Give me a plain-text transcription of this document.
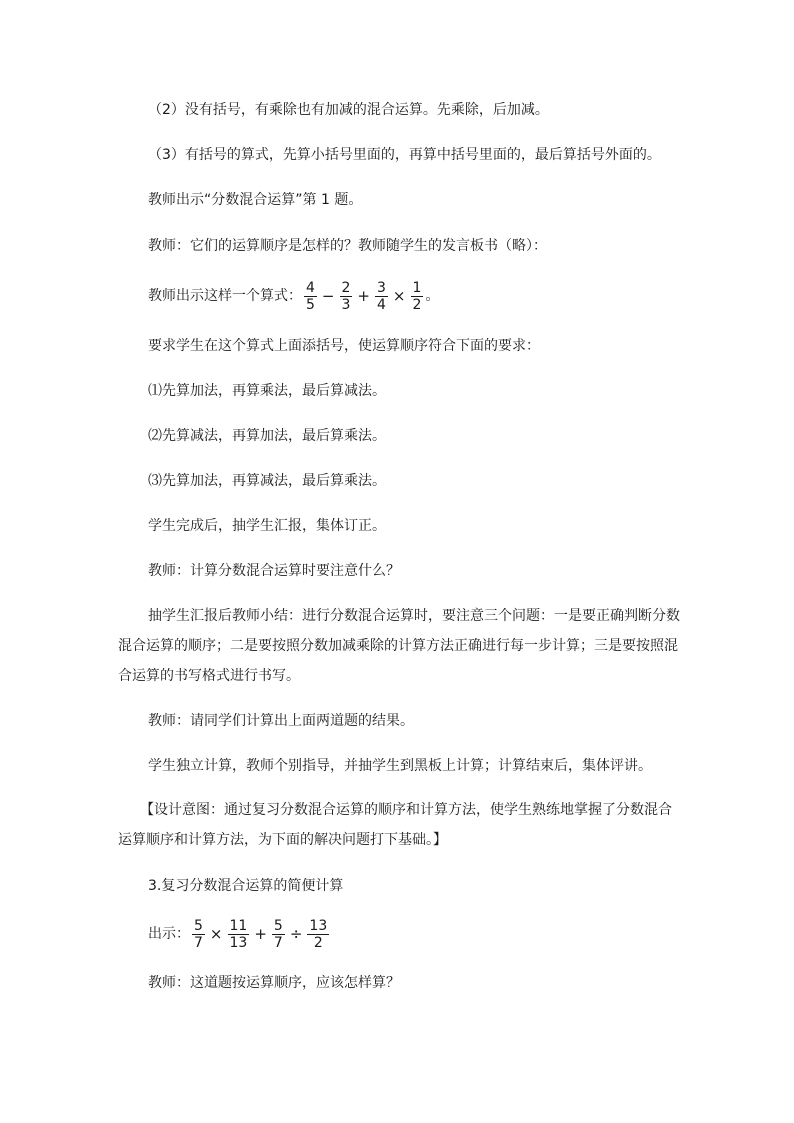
（2）没有括号，有乘除也有加减的混合运算。先乘除，后加减。
（3）有括号的算式，先算小括号里面的，再算中括号里面的，最后算括号外面的。
教师出示“分数混合运算”第 1 题。
教师：它们的运算顺序是怎样的？教师随学生的发言板书（略）：
教师出示这样一个算式： $\frac{4}{5} - \frac{2}{3} + \frac{3}{4} \times \frac{1}{2}$ 。
要求学生在这个算式上面添括号，使运算顺序符合下面的要求：
⑴先算加法，再算乘法，最后算减法。
⑵先算减法，再算加法，最后算乘法。
⑶先算加法，再算减法，最后算乘法。
学生完成后，抽学生汇报，集体订正。
教师：计算分数混合运算时要注意什么？
抽学生汇报后教师小结：进行分数混合运算时，要注意三个问题：一是要正确判断分数
混合运算的顺序；二是要按照分数加减乘除的计算方法正确进行每一步计算；三是要按照混
合运算的书写格式进行书写。
教师：请同学们计算出上面两道题的结果。
学生独立计算，教师个别指导，并抽学生到黑板上计算；计算结束后，集体评讲。
【设计意图：通过复习分数混合运算的顺序和计算方法，使学生熟练地掌握了分数混合
运算顺序和计算方法，为下面的解决问题打下基础。】
3.复习分数混合运算的简便计算
出示： $\frac{5}{7} \times \frac{11}{13} + \frac{5}{7} \div \frac{13}{2}$
教师：这道题按运算顺序，应该怎样算？
